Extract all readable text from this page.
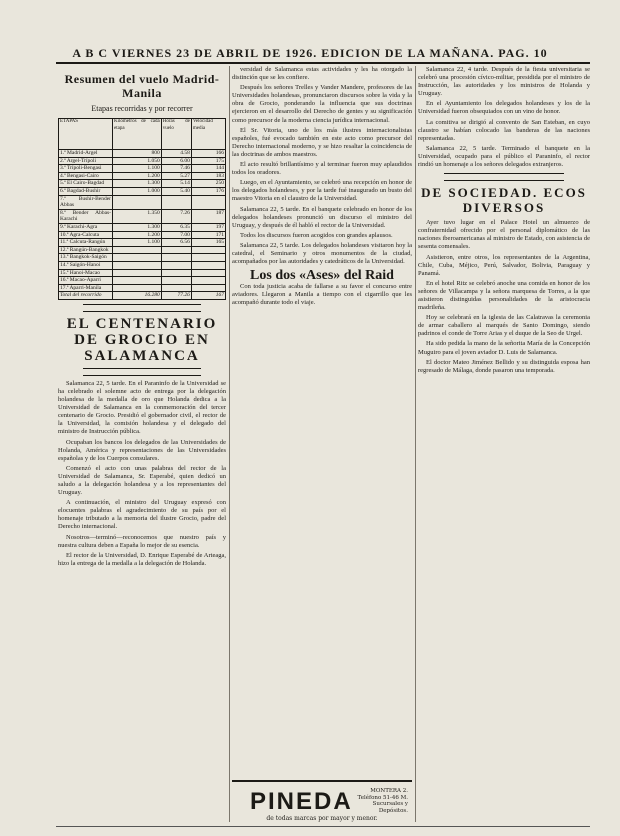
A B C VIERNES 23 DE ABRIL DE 1926. EDICION DE LA MAÑANA. PAG. 10
Resumen del vuelo Madrid-Manila
Etapas recorridas y por recorrer
ETAPAS	Kilómetros de cada etapa	Horas de vuelo	Velocidad media
1.ª Madrid-Argel	800	4.58	166
2.ª Argel-Trípoli	1.050	6.00	175
3.ª Trípoli-Bengasi	1.100	7.46	144
4.ª Bengasi-Cairo	1.200	5.27	183
5.ª El Cairo-Bagdad	1.300	5.14	250
6.ª Bagdad-Bushir	1.000	5.40	176
7.ª Bushir-Bender Abbas			
8.ª Bender Abbas-Karachi	1.350	7.26	187
9.ª Karachi-Agra	1.300	6.35	197
10.ª Agra-Calcuta	1.200	7.00	171
11.ª Calcuta-Rangún	1.100	6.56	165
12.ª Rangún-Bangkok			
13.ª Bangkok-Saigón			
14.ª Saigón-Hanoi			
15.ª Hanoi-Macao			
16.ª Macao-Aparri			
17.ª Aparri-Manila			
Total del recorrido	16.280	77.26	167
EL CENTENARIO DE GROCIO EN SALAMANCA

Salamanca 22, 5 tarde. En el Paraninfo de la Universidad se ha celebrado el solemne acto de entrega por la delegación holandesa de la medalla de oro que Holanda dedica a la Universidad de Salamanca en la conmemoración del tercer centenario de Grocio. Presidió el gobernador civil, el rector de la Universidad, la comisión holandesa y el delegado del ministro de Instrucción pública.

Ocupaban los bancos los delegados de las Universidades de Holanda, América y representaciones de las Universidades españolas y de los Cuerpos consulares.

Comenzó el acto con unas palabras del rector de la Universidad de Salamanca, Sr. Esperabé, quien dedicó un saludo a la delegación holandesa y a los representantes del Uruguay.

A continuación, el ministro del Uruguay expresó con elocuentes palabras el agradecimiento de su país por el homenaje tributado a la memoria del ilustre Grocio, padre del Derecho internacional.

Nosotros—terminó—reconocemos que nuestro país y nuestra cultura deben a España lo mejor de su esencia.

El rector de la Universidad, D. Enrique Esperabé de Arteaga, hizo la entrega de la medalla a la delegación de Holanda.

versidad de Salamanca estas actividades y les ha otorgado la distinción que se les confiere.

Después los señores Trelles y Vander Mandere, profesores de las Universidades holandesas, pronunciaron discursos sobre la vida y la obra de Grocio, ponderando la influencia que sus doctrinas ejercieron en el desarrollo del Derecho de gentes y su significación como precursor de la moderna ciencia jurídica internacional.

El Sr. Vitoria, uno de los más ilustres internacionalistas españoles, fué evocado también en este acto como precursor del Derecho internacional moderno, y se hizo resaltar la coincidencia de las doctrinas de ambos maestros.

El acto resultó brillantísimo y al terminar fueron muy aplaudidos todos los oradores.

Luego, en el Ayuntamiento, se celebró una recepción en honor de los delegados holandeses, y por la tarde fué inaugurado un busto del maestro Vitoria en el claustro de la Universidad.

Salamanca 22, 5 tarde. En el banquete celebrado en honor de los delegados holandeses pronunció un discurso el ministro del Uruguay, y después de él habló el rector de la Universidad.

Todos los discursos fueron acogidos con grandes aplausos.

Salamanca 22, 5 tarde. Los delegados holandeses visitaron hoy la catedral, el Seminario y otros monumentos de la ciudad, acompañados por las autoridades y catedráticos de la Universidad.

Los dos «Ases» del Raid

Con toda justicia acaba de fallarse a su favor el concurso entre aviadores. Llegaron a Manila a tiempo con el cigarrillo que les acompañó durante todo el viaje.

PINEDA	MONTERA 2. Teléfono 51-46 M. Sucursales y Depósitos.
de todas marcas por mayor y menor.

Salamanca 22, 4 tarde. Después de la fiesta universitaria se celebró una procesión cívico-militar, presidida por el ministro de Instrucción, las autoridades y los ministros de Holanda y Uruguay.

En el Ayuntamiento los delegados holandeses y los de la Universidad fueron obsequiados con un vino de honor.

La comitiva se dirigió al convento de San Esteban, en cuyo claustro se habían colocado las banderas de las naciones representadas.

Salamanca 22, 5 tarde. Terminado el banquete en la Universidad, ocupado para el público el Paraninfo, el rector rindió un homenaje a los señores delegados extranjeros.

DE SOCIEDAD. ECOS DIVERSOS

Ayer tuvo lugar en el Palace Hotel un almuerzo de confraternidad ofrecido por el personal diplomático de las naciones iberoamericanas al ministro de Estado, con asistencia de sesenta comensales.

Asistieron, entre otros, los representantes de la Argentina, Chile, Cuba, Méjico, Perú, Salvador, Bolivia, Paraguay y Panamá.

En el hotel Ritz se celebró anoche una comida en honor de los señores de Villacampa y la señora marquesa de Torres, a la que asistieron distinguidas personalidades de la aristocracia madrileña.

Hoy se celebrará en la iglesia de las Calatravas la ceremonia de armar caballero al marqués de Santo Domingo, siendo padrinos el conde de Torre Arias y el duque de la Seo de Urgel.

Ha sido pedida la mano de la señorita María de la Concepción Muguiro para el joven aviador D. Luis de Salamanca.

El doctor Mateo Jiménez Bellido y su distinguida esposa han regresado de Málaga, donde pasaron una temporada.
